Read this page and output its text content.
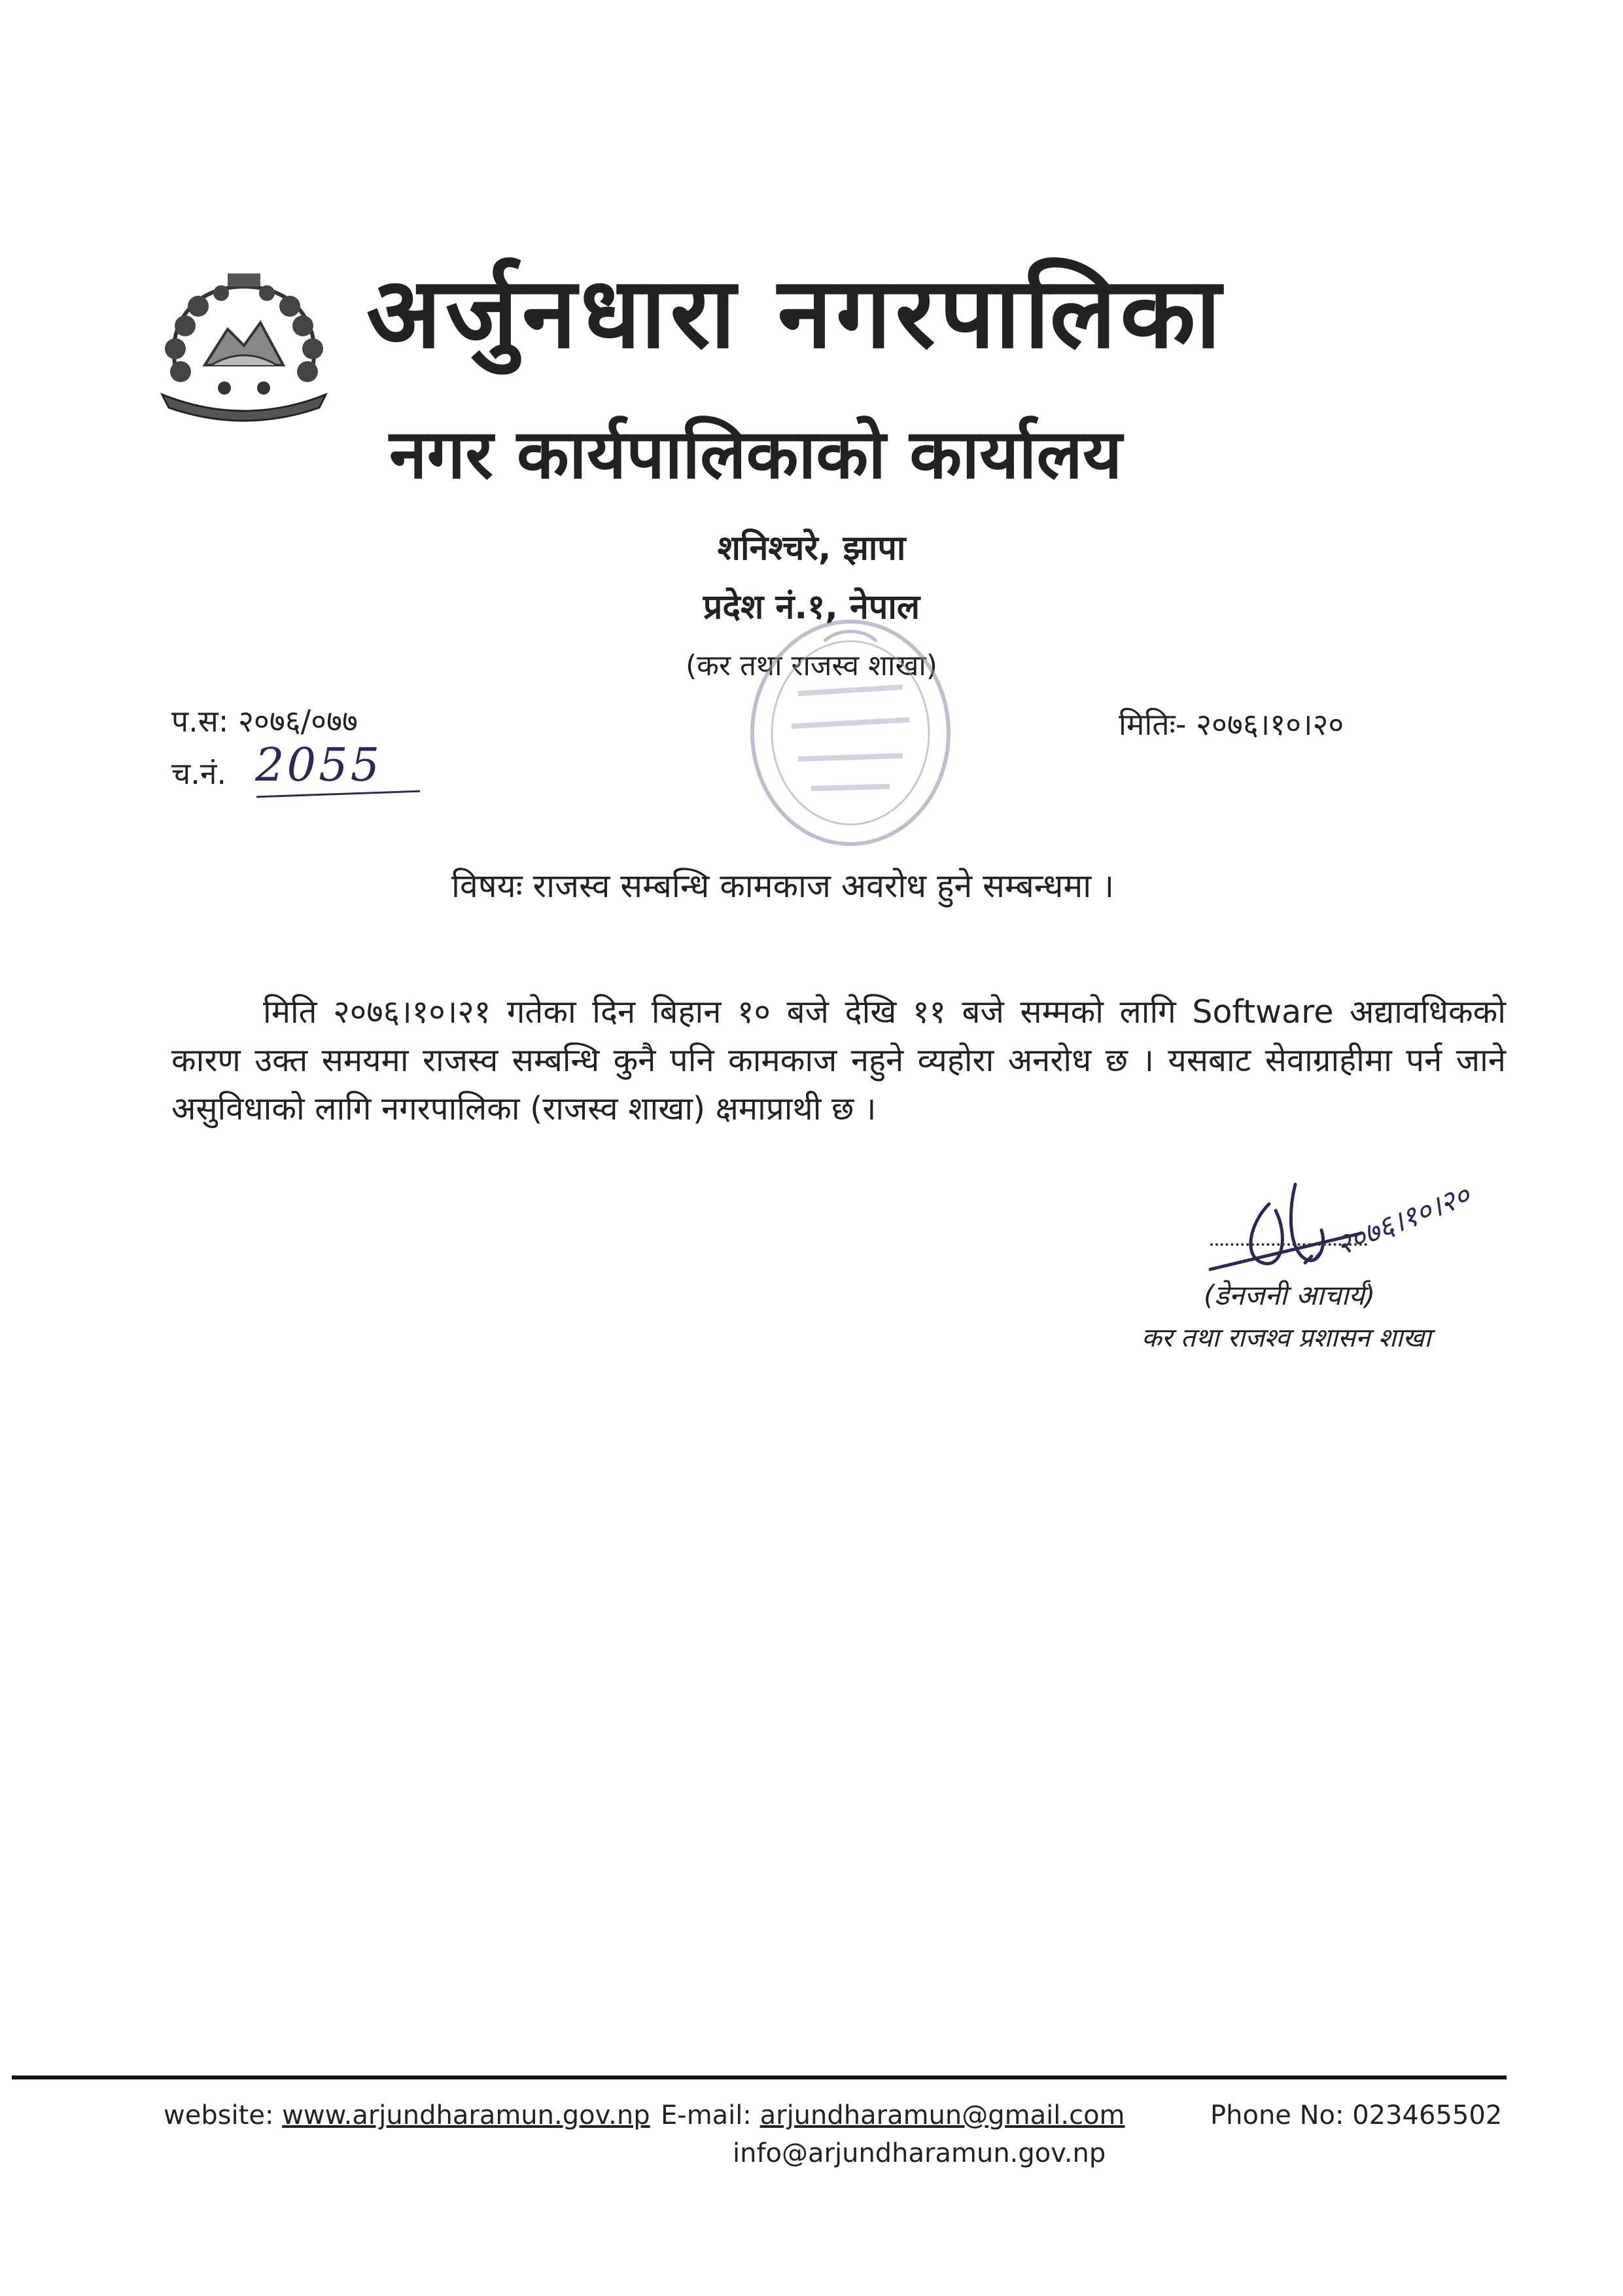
अर्जुनधारा नगरपालिका
नगर कार्यपालिकाको कार्यालय
शनिश्चरे, झापा
प्रदेश नं.१, नेपाल
(कर तथा राजस्व शाखा)
प.स: २०७६/०७७
च.नं. 2055
मितिः- २०७६।१०।२०
विषयः राजस्व सम्बन्धि कामकाज अवरोध हुने सम्बन्धमा ।
मिति २०७६।१०।२१ गतेका दिन बिहान १० बजे देखि ११ बजे सम्मको लागि Software अद्यावधिकको कारण उक्त समयमा राजस्व सम्बन्धि कुनै पनि कामकाज नहुने व्यहोरा अनरोध छ । यसबाट सेवाग्राहीमा पर्न जाने असुविधाको लागि नगरपालिका (राजस्व शाखा) क्षमाप्राथी छ ।
२०७६।१०।२०
(डेनजनी आचार्य)
कर तथा राजश्व प्रशासन शाखा
website: www.arjundharamun.gov.np E-mail: arjundharamun@gmail.com
info@arjundharamun.gov.np
Phone No: 023465502
